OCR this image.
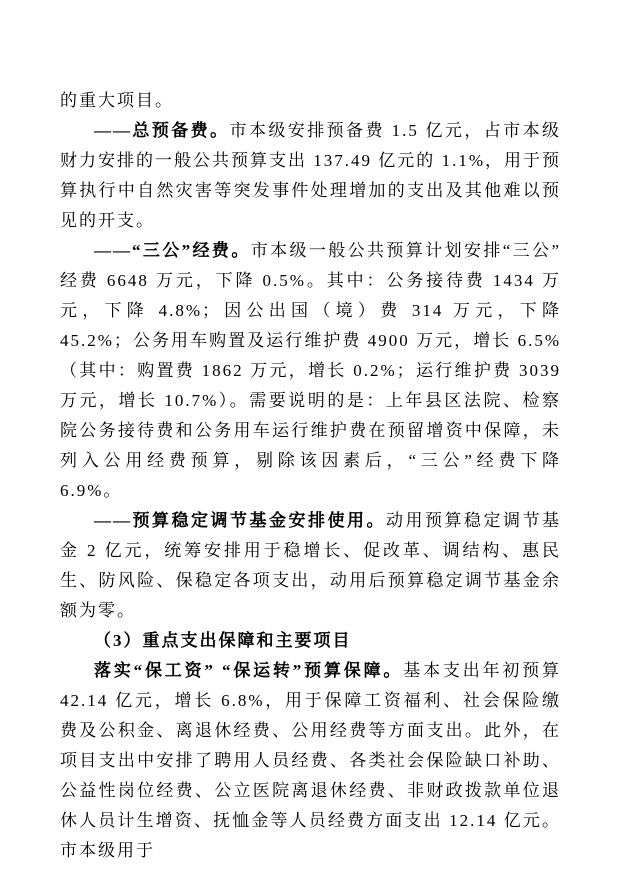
的重大项目。

——总预备费。市本级安排预备费 1.5 亿元，占市本级财力安排的一般公共预算支出 137.49 亿元的 1.1%，用于预算执行中自然灾害等突发事件处理增加的支出及其他难以预见的开支。

——“三公”经费。市本级一般公共预算计划安排“三公”经费 6648 万元，下降 0.5%。其中：公务接待费 1434 万元，下降 4.8%；因公出国（境）费 314 万元，下降 45.2%；公务用车购置及运行维护费 4900 万元，增长 6.5%（其中：购置费 1862 万元，增长 0.2%；运行维护费 3039 万元，增长 10.7%）。需要说明的是：上年县区法院、检察院公务接待费和公务用车运行维护费在预留增资中保障，未列入公用经费预算，剔除该因素后，“三公”经费下降 6.9%。

——预算稳定调节基金安排使用。动用预算稳定调节基金 2 亿元，统筹安排用于稳增长、促改革、调结构、惠民生、防风险、保稳定各项支出，动用后预算稳定调节基金余额为零。

（3）重点支出保障和主要项目

落实“保工资” “保运转”预算保障。基本支出年初预算 42.14 亿元，增长 6.8%，用于保障工资福利、社会保险缴费及公积金、离退休经费、公用经费等方面支出。此外，在项目支出中安排了聘用人员经费、各类社会保险缺口补助、公益性岗位经费、公立医院离退休经费、非财政拨款单位退休人员计生增资、抚恤金等人员经费方面支出 12.14 亿元。市本级用于
